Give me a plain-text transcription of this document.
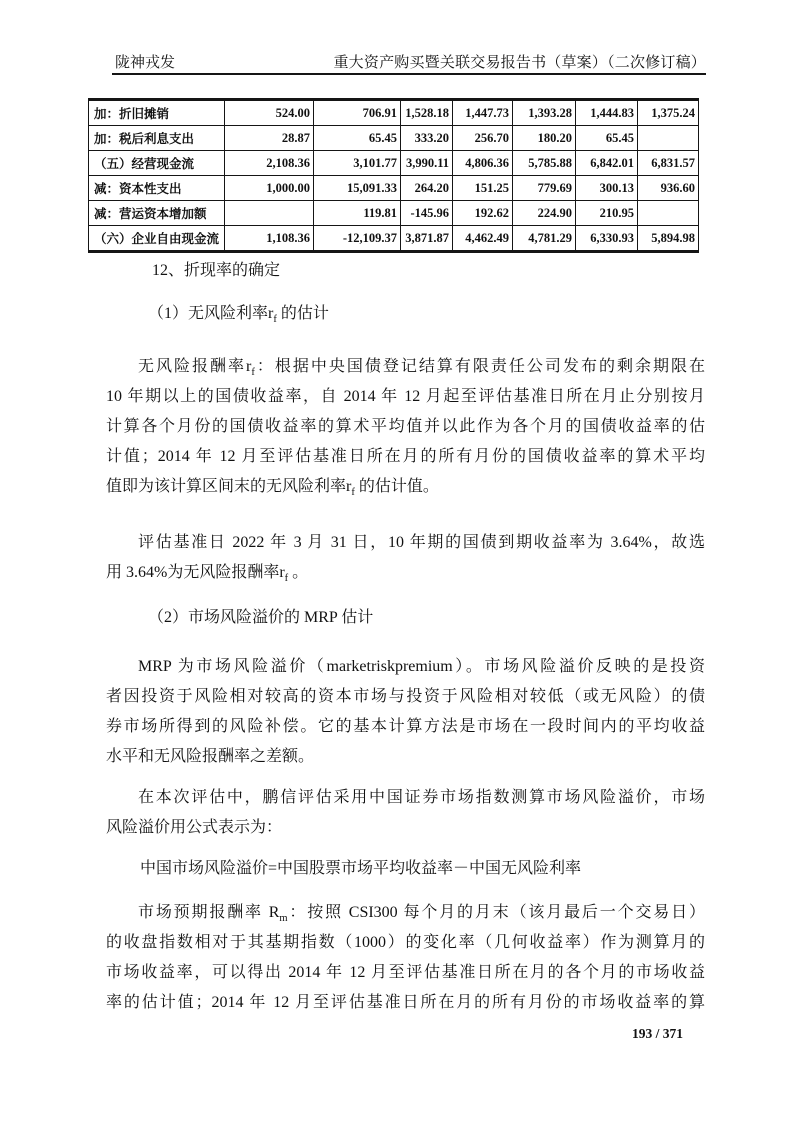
陇神戎发	重大资产购买暨关联交易报告书（草案）（二次修订稿）
加：折旧摊销	524.00	706.91	1,528.18	1,447.73	1,393.28	1,444.83	1,375.24
加：税后利息支出	28.87	65.45	333.20	256.70	180.20	65.45	
（五）经营现金流	2,108.36	3,101.77	3,990.11	4,806.36	5,785.88	6,842.01	6,831.57
减：资本性支出	1,000.00	15,091.33	264.20	151.25	779.69	300.13	936.60
减：营运资本增加额		119.81	-145.96	192.62	224.90	210.95	
（六）企业自由现金流	1,108.36	-12,109.37	3,871.87	4,462.49	4,781.29	6,330.93	5,894.98
12、折现率的确定
（1）无风险利率$r_f$ 的估计
无风险报酬率$r_f$：根据中央国债登记结算有限责任公司发布的剩余期限在
10 年期以上的国债收益率，自 2014 年 12 月起至评估基准日所在月止分别按月
计算各个月份的国债收益率的算术平均值并以此作为各个月的国债收益率的估
计值；2014 年 12 月至评估基准日所在月的所有月份的国债收益率的算术平均
值即为该计算区间末的无风险利率$r_f$ 的估计值。
评估基准日 2022 年 3 月 31 日，10 年期的国债到期收益率为 3.64%，故选
用 3.64%为无风险报酬率$r_f$ 。
（2）市场风险溢价的 MRP 估计
MRP 为市场风险溢价（marketriskpremium）。市场风险溢价反映的是投资
者因投资于风险相对较高的资本市场与投资于风险相对较低（或无风险）的债
券市场所得到的风险补偿。它的基本计算方法是市场在一段时间内的平均收益
水平和无风险报酬率之差额。
在本次评估中，鹏信评估采用中国证券市场指数测算市场风险溢价，市场
风险溢价用公式表示为：
中国市场风险溢价=中国股票市场平均收益率－中国无风险利率
市场预期报酬率 $R_m$：按照 CSI300 每个月的月末（该月最后一个交易日）
的收盘指数相对于其基期指数（1000）的变化率（几何收益率）作为测算月的
市场收益率，可以得出 2014 年 12 月至评估基准日所在月的各个月的市场收益
率的估计值；2014 年 12 月至评估基准日所在月的所有月份的市场收益率的算
193 / 371
